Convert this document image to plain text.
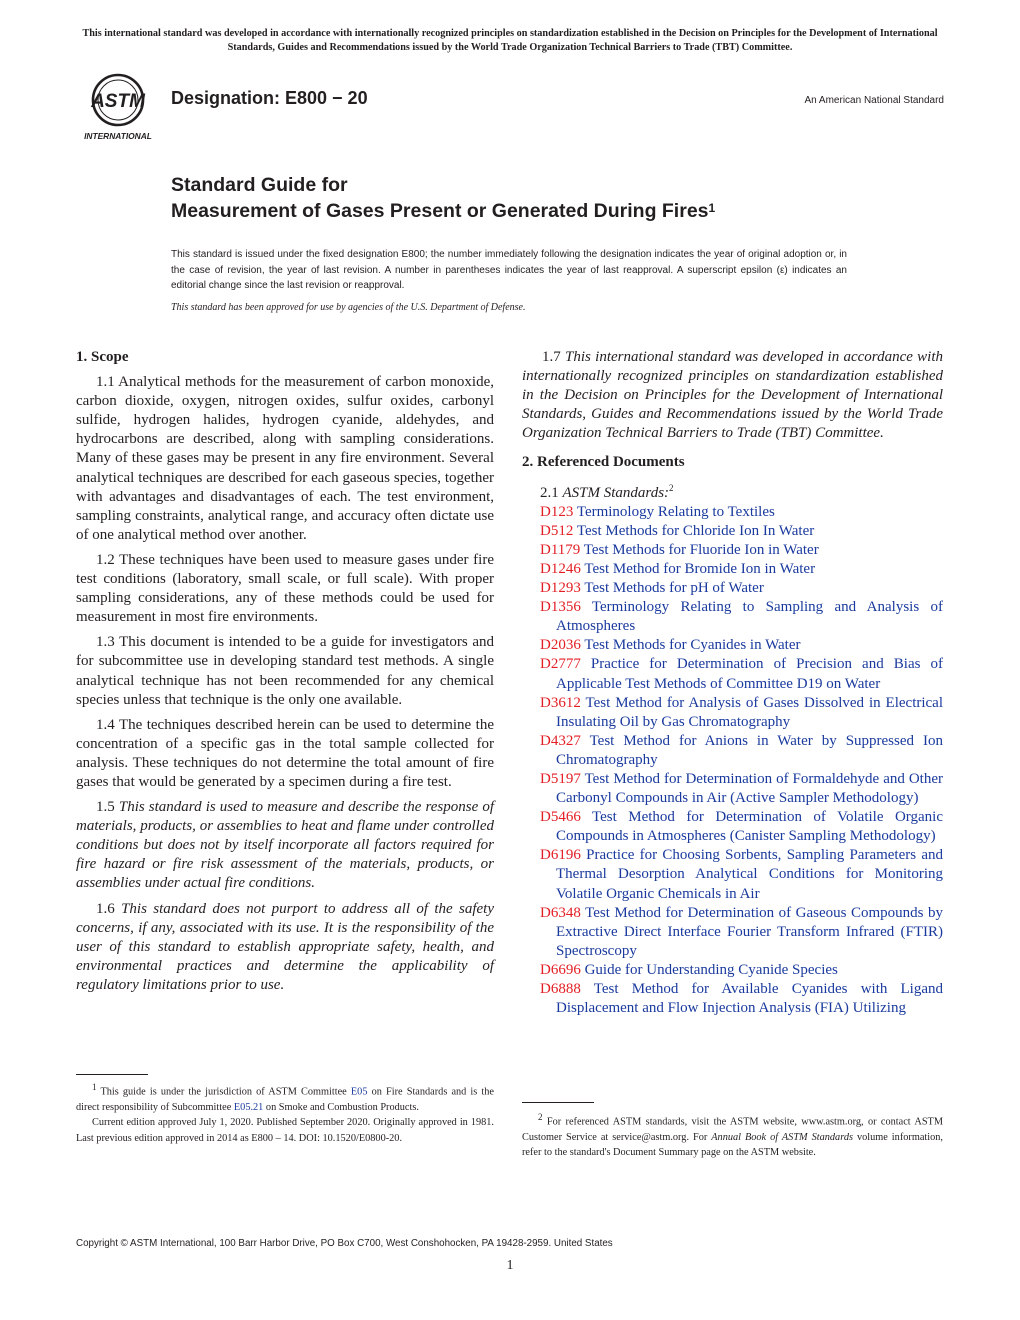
This international standard was developed in accordance with internationally recognized principles on standardization established in the Decision on Principles for the Development of International Standards, Guides and Recommendations issued by the World Trade Organization Technical Barriers to Trade (TBT) Committee.
ASTM
INTERNATIONAL
Designation: E800 − 20	An American National Standard
Standard Guide for
Measurement of Gases Present or Generated During Fires$^1$
This standard is issued under the fixed designation E800; the number immediately following the designation indicates the year of original adoption or, in the case of revision, the year of last revision. A number in parentheses indicates the year of last reapproval. A superscript epsilon (ε) indicates an editorial change since the last revision or reapproval.
This standard has been approved for use by agencies of the U.S. Department of Defense.

1. Scope

1.1 Analytical methods for the measurement of carbon monoxide, carbon dioxide, oxygen, nitrogen oxides, sulfur oxides, carbonyl sulfide, hydrogen halides, hydrogen cyanide, aldehydes, and hydrocarbons are described, along with sampling considerations. Many of these gases may be present in any fire environment. Several analytical techniques are described for each gaseous species, together with advantages and disadvantages of each. The test environment, sampling constraints, analytical range, and accuracy often dictate use of one analytical method over another.

1.2 These techniques have been used to measure gases under fire test conditions (laboratory, small scale, or full scale). With proper sampling considerations, any of these methods could be used for measurement in most fire environments.

1.3 This document is intended to be a guide for investigators and for subcommittee use in developing standard test methods. A single analytical technique has not been recommended for any chemical species unless that technique is the only one available.

1.4 The techniques described herein can be used to determine the concentration of a specific gas in the total sample collected for analysis. These techniques do not determine the total amount of fire gases that would be generated by a specimen during a fire test.

1.5 This standard is used to measure and describe the response of materials, products, or assemblies to heat and flame under controlled conditions but does not by itself incorporate all factors required for fire hazard or fire risk assessment of the materials, products, or assemblies under actual fire conditions.

1.6 This standard does not purport to address all of the safety concerns, if any, associated with its use. It is the responsibility of the user of this standard to establish appropriate safety, health, and environmental practices and determine the applicability of regulatory limitations prior to use.

1.7 This international standard was developed in accordance with internationally recognized principles on standardization established in the Decision on Principles for the Development of International Standards, Guides and Recommendations issued by the World Trade Organization Technical Barriers to Trade (TBT) Committee.

2. Referenced Documents

2.1 ASTM Standards:$^2$

D123 Terminology Relating to Textiles

D512 Test Methods for Chloride Ion In Water

D1179 Test Methods for Fluoride Ion in Water

D1246 Test Method for Bromide Ion in Water

D1293 Test Methods for pH of Water

D1356 Terminology Relating to Sampling and Analysis of Atmospheres

D2036 Test Methods for Cyanides in Water

D2777 Practice for Determination of Precision and Bias of Applicable Test Methods of Committee D19 on Water

D3612 Test Method for Analysis of Gases Dissolved in Electrical Insulating Oil by Gas Chromatography

D4327 Test Method for Anions in Water by Suppressed Ion Chromatography

D5197 Test Method for Determination of Formaldehyde and Other Carbonyl Compounds in Air (Active Sampler Methodology)

D5466 Test Method for Determination of Volatile Organic Compounds in Atmospheres (Canister Sampling Methodology)

D6196 Practice for Choosing Sorbents, Sampling Parameters and Thermal Desorption Analytical Conditions for Monitoring Volatile Organic Chemicals in Air

D6348 Test Method for Determination of Gaseous Compounds by Extractive Direct Interface Fourier Transform Infrared (FTIR) Spectroscopy

D6696 Guide for Understanding Cyanide Species

D6888 Test Method for Available Cyanides with Ligand Displacement and Flow Injection Analysis (FIA) Utilizing

$^1$ This guide is under the jurisdiction of ASTM Committee E05 on Fire Standards and is the direct responsibility of Subcommittee E05.21 on Smoke and Combustion Products.
Current edition approved July 1, 2020. Published September 2020. Originally approved in 1981. Last previous edition approved in 2014 as E800 – 14. DOI: 10.1520/E0800-20.
$^2$ For referenced ASTM standards, visit the ASTM website, www.astm.org, or contact ASTM Customer Service at service@astm.org. For Annual Book of ASTM Standards volume information, refer to the standard's Document Summary page on the ASTM website.
Copyright © ASTM International, 100 Barr Harbor Drive, PO Box C700, West Conshohocken, PA 19428-2959. United States
1
